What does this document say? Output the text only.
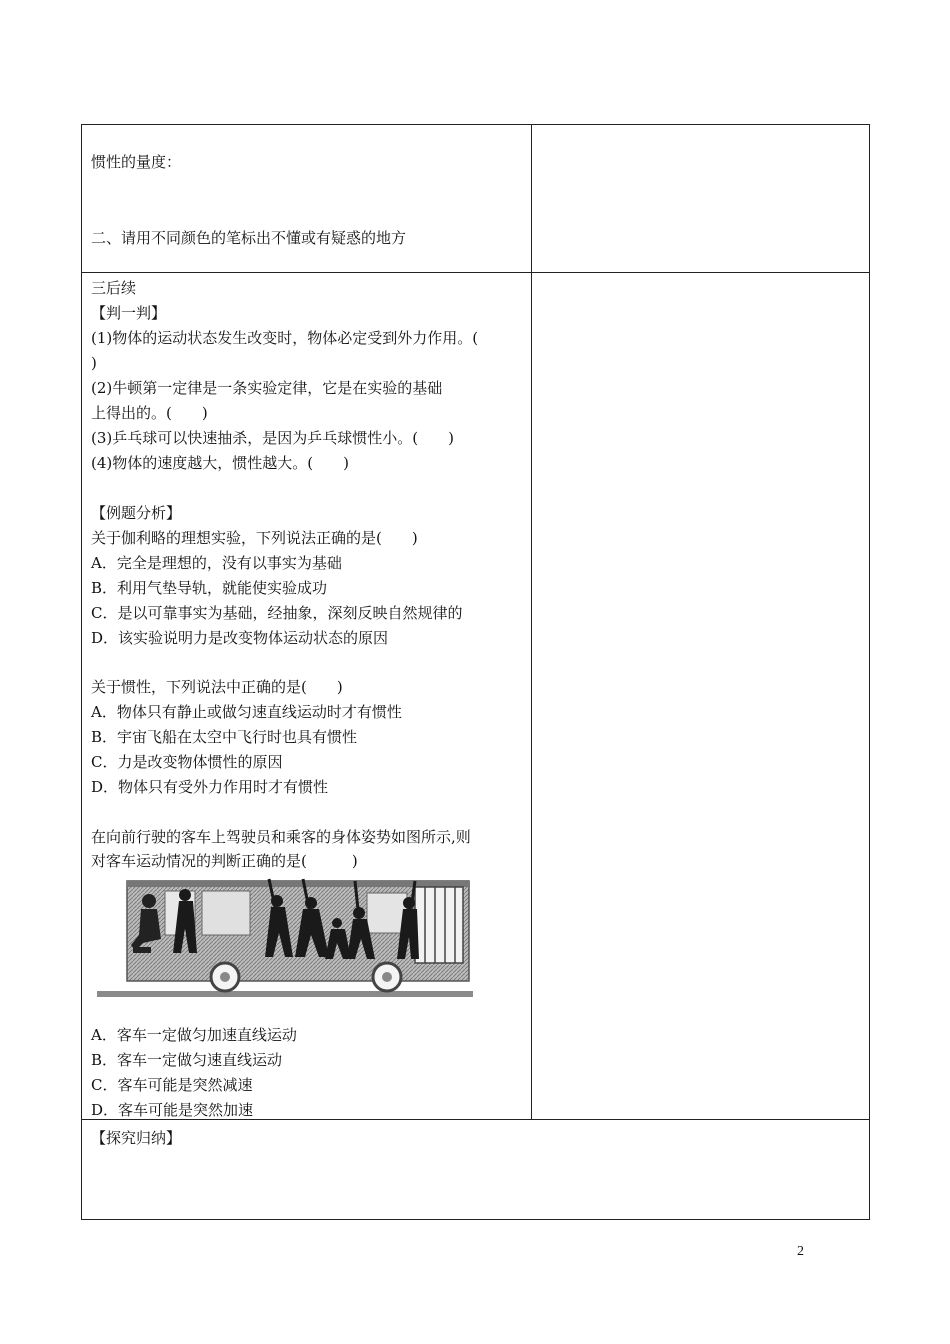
惯性的量度：
二、请用不同颜色的笔标出不懂或有疑惑的地方
三后续
【判一判】
(1)物体的运动状态发生改变时，物体必定受到外力作用。(
)
(2)牛顿第一定律是一条实验定律，它是在实验的基础
上得出的。(　　)
(3)乒乓球可以快速抽杀，是因为乒乓球惯性小。(　　)
(4)物体的速度越大，惯性越大。(　　)
【例题分析】
关于伽利略的理想实验，下列说法正确的是(　　)
A．完全是理想的，没有以事实为基础
B．利用气垫导轨，就能使实验成功
C．是以可靠事实为基础，经抽象，深刻反映自然规律的
D．该实验说明力是改变物体运动状态的原因
关于惯性，下列说法中正确的是(　　)
A．物体只有静止或做匀速直线运动时才有惯性
B．宇宙飞船在太空中飞行时也具有惯性
C．力是改变物体惯性的原因
D．物体只有受外力作用时才有惯性
在向前行驶的客车上驾驶员和乘客的身体姿势如图所示,则
对客车运动情况的判断正确的是(　　　)
A．客车一定做匀加速直线运动
B．客车一定做匀速直线运动
C．客车可能是突然减速
D．客车可能是突然加速
【探究归纳】
2
